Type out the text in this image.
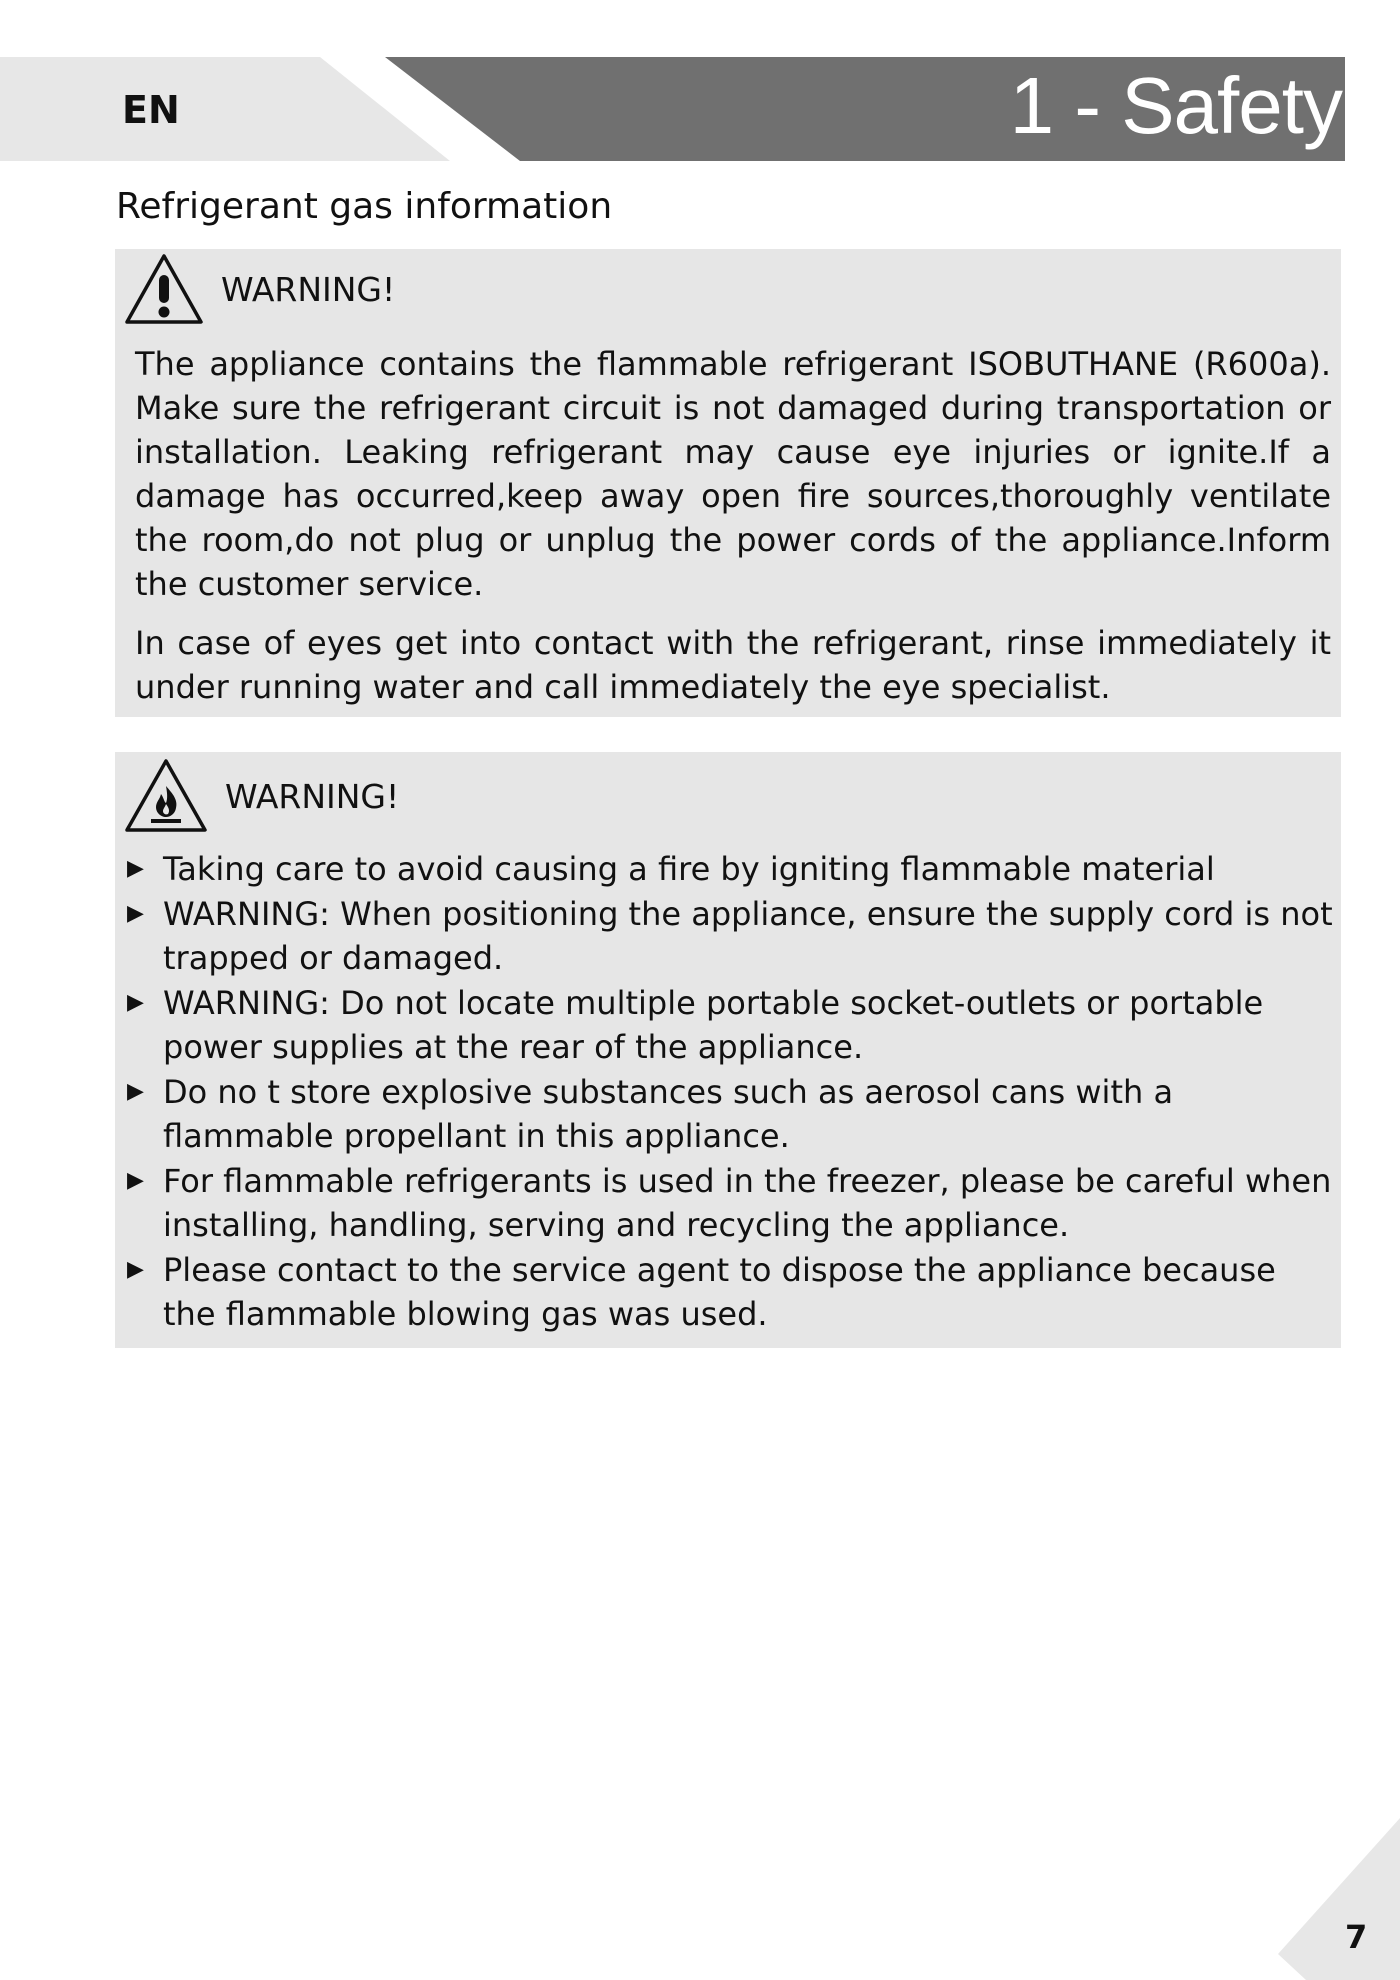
EN	1 - Safety
Refrigerant gas information
WARNING!

The appliance contains the flammable refrigerant ISOBUTHANE (R600a). Make sure the refrigerant circuit is not damaged during transportation or installation. Leaking refrigerant may cause eye injuries or ignite.If a damage has occurred,keep away open fire sources,thoroughly ventilate the room,do not plug or unplug the power cords of the appliance.Inform the customer service.

In case of eyes get into contact with the refrigerant, rinse immediately it under running water and call immediately the eye specialist.

WARNING!
▶ Taking care to avoid causing a fire by igniting flammable material
▶ WARNING: When positioning the appliance, ensure the supply cord is not trapped or damaged.
▶ WARNING: Do not locate multiple portable socket-outlets or portable power supplies at the rear of the appliance.
▶ Do no t store explosive substances such as aerosol cans with a flammable propellant in this appliance.
▶ For flammable refrigerants is used in the freezer, please be careful when installing, handling, serving and recycling the appliance.
▶ Please contact to the service agent to dispose the appliance because the flammable blowing gas was used.
7
